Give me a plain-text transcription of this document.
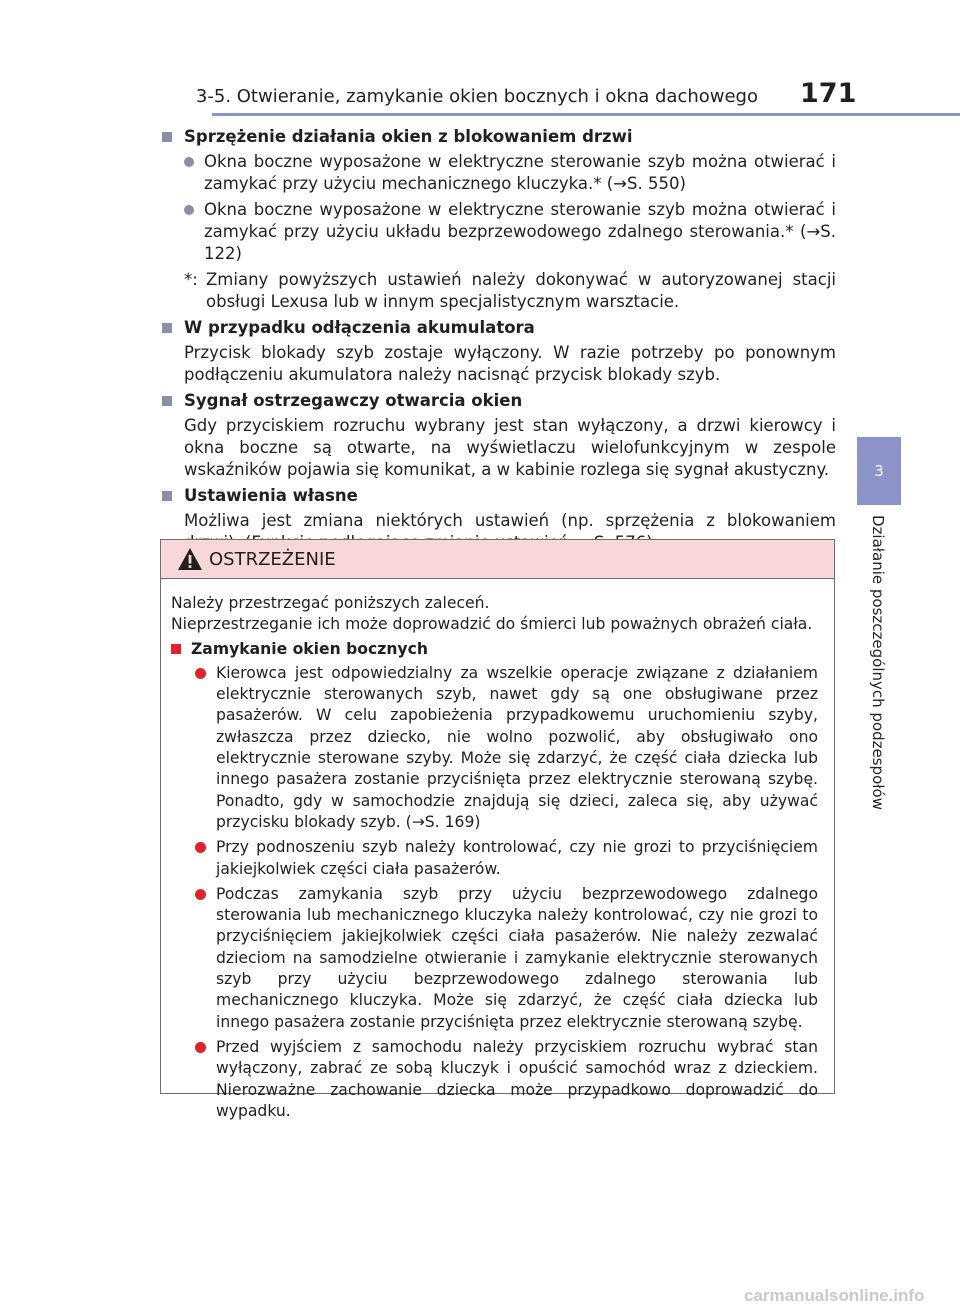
3-5. Otwieranie, zamykanie okien bocznych i okna dachowego 171
3
Działanie poszczególnych podzespołów
Sprzężenie działania okien z blokowaniem drzwi
Okna boczne wyposażone w elektryczne sterowanie szyb można otwierać i zamykać przy użyciu mechanicznego kluczyka.* (→S. 550)
Okna boczne wyposażone w elektryczne sterowanie szyb można otwierać i zamykać przy użyciu układu bezprzewodowego zdalnego sterowania.* (→S. 122)
*: Zmiany powyższych ustawień należy dokonywać w autoryzowanej stacji obsługi Lexusa lub w innym specjalistycznym warsztacie.
W przypadku odłączenia akumulatora
Przycisk blokady szyb zostaje wyłączony. W razie potrzeby po ponownym podłączeniu akumulatora należy nacisnąć przycisk blokady szyb.
Sygnał ostrzegawczy otwarcia okien
Gdy przyciskiem rozruchu wybrany jest stan wyłączony, a drzwi kierowcy i okna boczne są otwarte, na wyświetlaczu wielofunkcyjnym w zespole wskaźników pojawia się komunikat, a w kabinie rozlega się sygnał akustyczny.
Ustawienia własne
Możliwa jest zmiana niektórych ustawień (np. sprzężenia z blokowaniem
OSTRZEŻENIE

Należy przestrzegać poniższych zaleceń.

Nieprzestrzeganie ich może doprowadzić do śmierci lub poważnych obrażeń ciała.

Zamykanie okien bocznych
Kierowca jest odpowiedzialny za wszelkie operacje związane z działaniem elektrycznie sterowanych szyb, nawet gdy są one obsługiwane przez pasażerów. W celu zapobieżenia przypadkowemu uruchomieniu szyby, zwłaszcza przez dziecko, nie wolno pozwolić, aby obsługiwało ono elektrycznie sterowane szyby. Może się zdarzyć, że część ciała dziecka lub innego pasażera zostanie przyciśnięta przez elektrycznie sterowaną szybę. Ponadto, gdy w samochodzie znajdują się dzieci, zaleca się, aby używać przycisku blokady szyb. (→S. 169)
Przy podnoszeniu szyb należy kontrolować, czy nie grozi to przyciśnięciem jakiejkolwiek części ciała pasażerów.
Podczas zamykania szyb przy użyciu bezprzewodowego zdalnego sterowania lub mechanicznego kluczyka należy kontrolować, czy nie grozi to przyciśnięciem jakiejkolwiek części ciała pasażerów. Nie należy zezwalać dzieciom na samodzielne otwieranie i zamykanie elektrycznie sterowanych szyb przy użyciu bezprzewodowego zdalnego sterowania lub mechanicznego kluczyka. Może się zdarzyć, że część ciała dziecka lub innego pasażera zostanie przyciśnięta przez elektrycznie sterowaną szybę.
Przed wyjściem z samochodu należy przyciskiem rozruchu wybrać stan wyłączony, zabrać ze sobą kluczyk i opuścić samochód wraz z dzieckiem. Nierozważne zachowanie dziecka może przypadkowo doprowadzić do wypadku.
carmanualsonline.info
